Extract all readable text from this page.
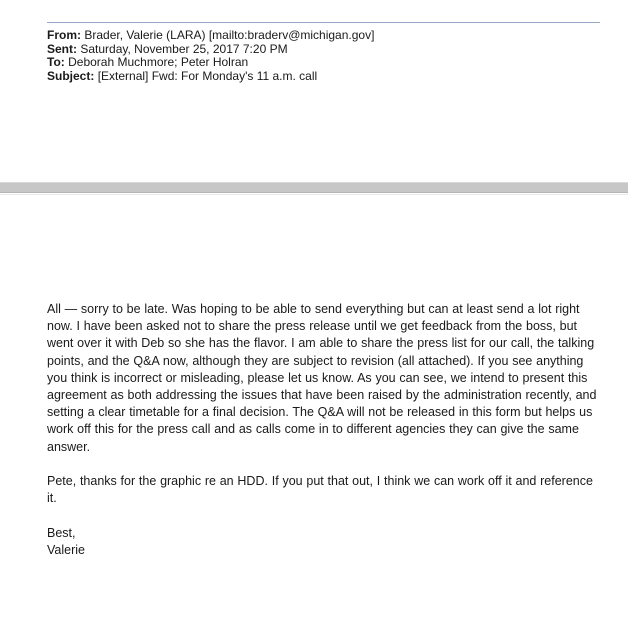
From: Brader, Valerie (LARA) [mailto:braderv@michigan.gov]
Sent: Saturday, November 25, 2017 7:20 PM
To: Deborah Muchmore; Peter Holran
Subject: [External] Fwd: For Monday's 11 a.m. call
All — sorry to be late. Was hoping to be able to send everything but can at least send a lot right
now. I have been asked not to share the press release until we get feedback from the boss, but
went over it with Deb so she has the flavor. I am able to share the press list for our call, the talking
points, and the Q&A now, although they are subject to revision (all attached). If you see anything
you think is incorrect or misleading, please let us know. As you can see, we intend to present this
agreement as both addressing the issues that have been raised by the administration recently, and
setting a clear timetable for a final decision. The Q&A will not be released in this form but helps us
work off this for the press call and as calls come in to different agencies they can give the same
answer.
Pete, thanks for the graphic re an HDD. If you put that out, I think we can work off it and reference
it.
Best,
Valerie
